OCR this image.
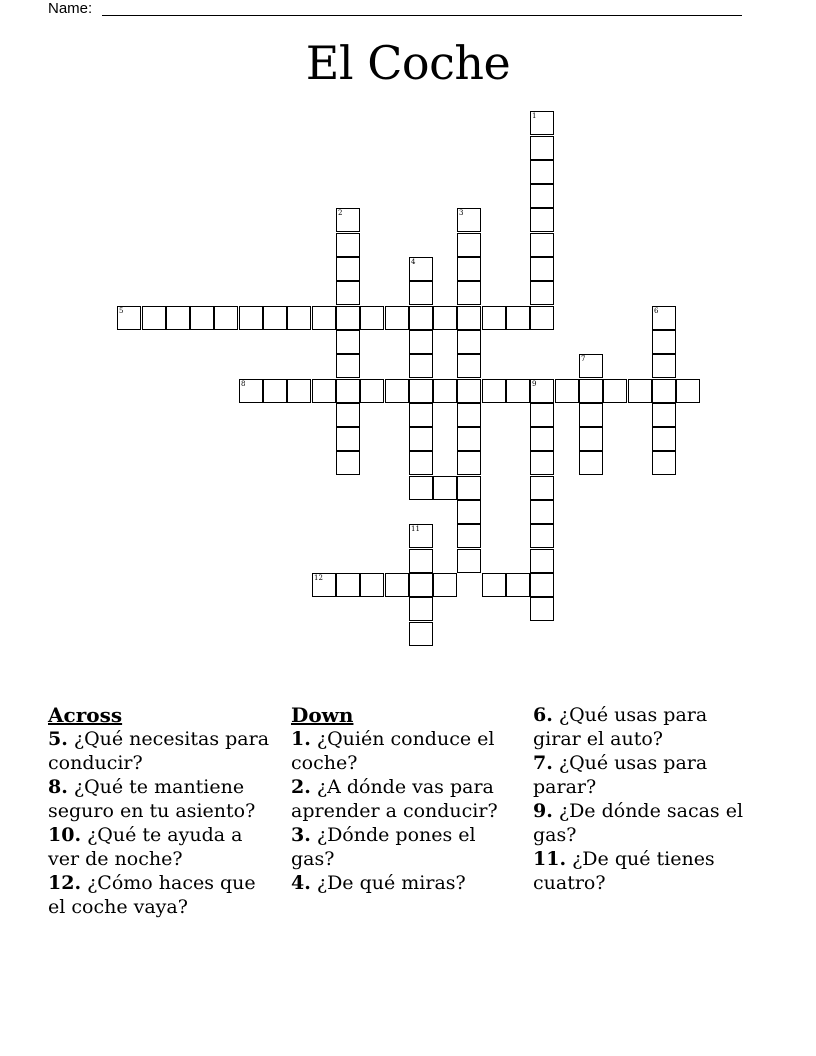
Name:
El Coche
1
2	3
4
5	6
7
8	9
11
12
Across
5. ¿Qué necesitas para conducir?
8. ¿Qué te mantiene seguro en tu asiento?
10. ¿Qué te ayuda a ver de noche?
12. ¿Cómo haces que el coche vaya?
Down
1. ¿Quién conduce el coche?
2. ¿A dónde vas para aprender a conducir?
3. ¿Dónde pones el gas?
4. ¿De qué miras?
6. ¿Qué usas para girar el auto?
7. ¿Qué usas para parar?
9. ¿De dónde sacas el gas?
11. ¿De qué tienes cuatro?
